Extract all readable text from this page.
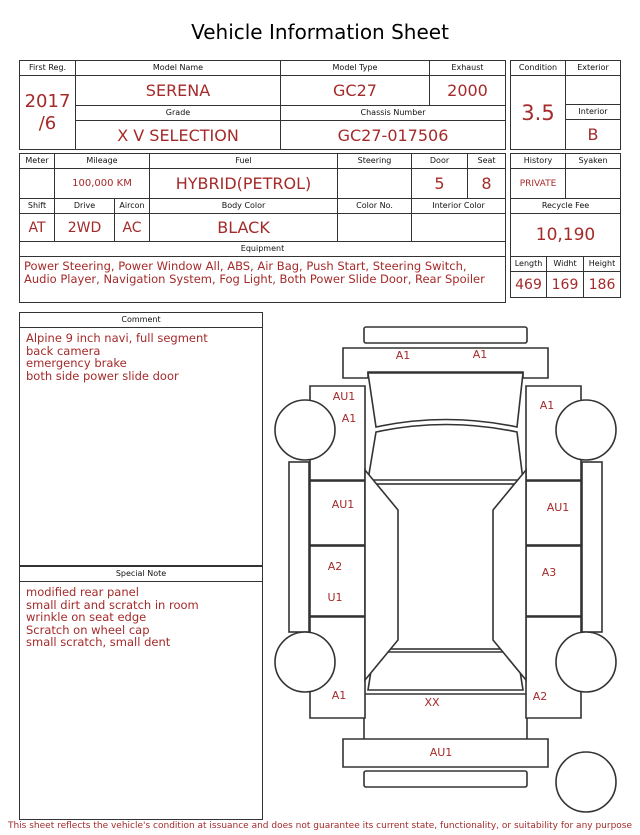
Vehicle Information Sheet
First Reg.	Model Name	Model Type	Exhaust

2017
/6	SERENA	GC27	2000
	Grade	Chassis Number	
	X V SELECTION	GC27-017506	
Condition	Exterior
3.5	
	Interior
	B
Meter	Mileage		Fuel	Steering	Door	Seat
	100,000 KM		HYBRID(PETROL)		5	8
Shift	Drive	Aircon	Body Color	Color No.	Interior Color	
AT	2WD	AC	BLACK			
Equipment						
Power Steering, Power Window All, ABS, Air Bag, Push Start, Steering Switch, Audio Player, Navigation System, Fog Light, Both Power Slide Door, Rear Spoiler						
History		Syaken	
PRIVATE			
Recycle Fee			
10,190			
Length	Widht		Height
469	169		186
Comment
Alpine 9 inch navi, full segment
back camera
emergency brake
both side power slide door
Special Note
modified rear panel
small dirt and scratch in room
wrinkle on seat edge
Scratch on wheel cap
small scratch, small dent
A1	A1
AU1
A1
A1
AU1	AU1
A2
U1
A3
A1	A2
XX
AU1
This sheet reflects the vehicle's condition at issuance and does not guarantee its current state, functionality, or suitability for any purpose
